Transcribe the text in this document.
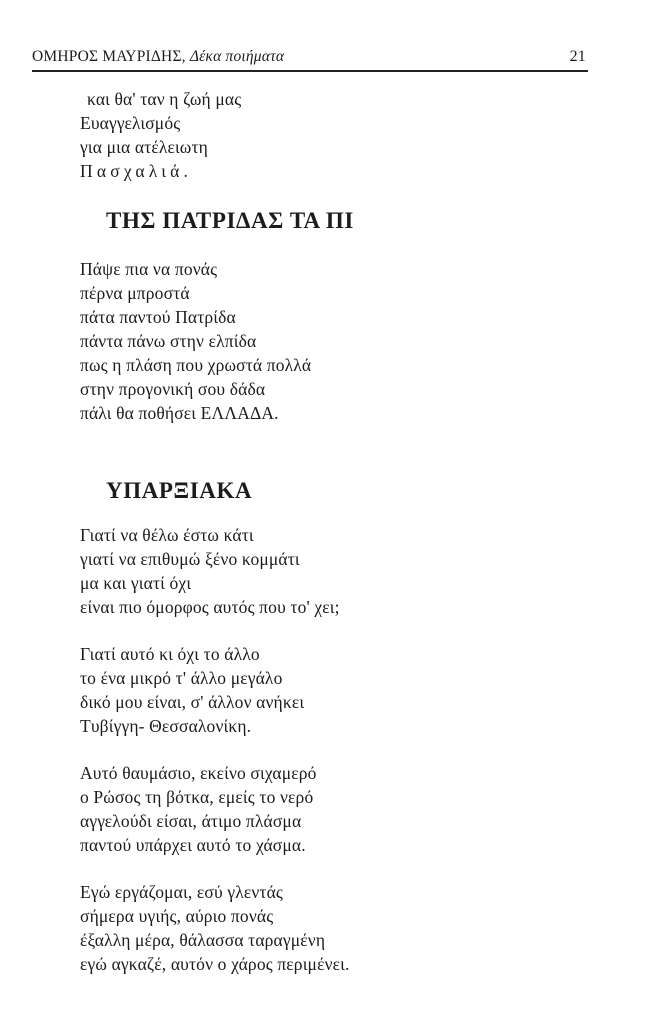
ΟΜΗΡΟΣ ΜΑΥΡΙΔΗΣ, Δέκα ποιήματα	21
και θα' ταν η ζωή μας
Ευαγγελισμός
για μια ατέλειωτη
Πασχαλιά.
ΤΗΣ ΠΑΤΡΙΔΑΣ ΤΑ ΠΙ
Πάψε πια να πονάς
πέρνα μπροστά
πάτα παντού Πατρίδα
πάντα πάνω στην ελπίδα
πως η πλάση που χρωστά πολλά
στην προγονική σου δάδα
πάλι θα ποθήσει ΕΛΛΑΔΑ.
ΥΠΑΡΞΙΑΚΑ
Γιατί να θέλω έστω κάτι
γιατί να επιθυμώ ξένο κομμάτι
μα και γιατί όχι
είναι πιο όμορφος αυτός που το' χει;
Γιατί αυτό κι όχι το άλλο
το ένα μικρό τ' άλλο μεγάλο
δικό μου είναι, σ' άλλον ανήκει
Τυβίγγη- Θεσσαλονίκη.
Αυτό θαυμάσιο, εκείνο σιχαμερό
ο Ρώσος τη βότκα, εμείς το νερό
αγγελούδι είσαι, άτιμο πλάσμα
παντού υπάρχει αυτό το χάσμα.
Εγώ εργάζομαι, εσύ γλεντάς
σήμερα υγιής, αύριο πονάς
έξαλλη μέρα, θάλασσα ταραγμένη
εγώ αγκαζέ, αυτόν ο χάρος περιμένει.
